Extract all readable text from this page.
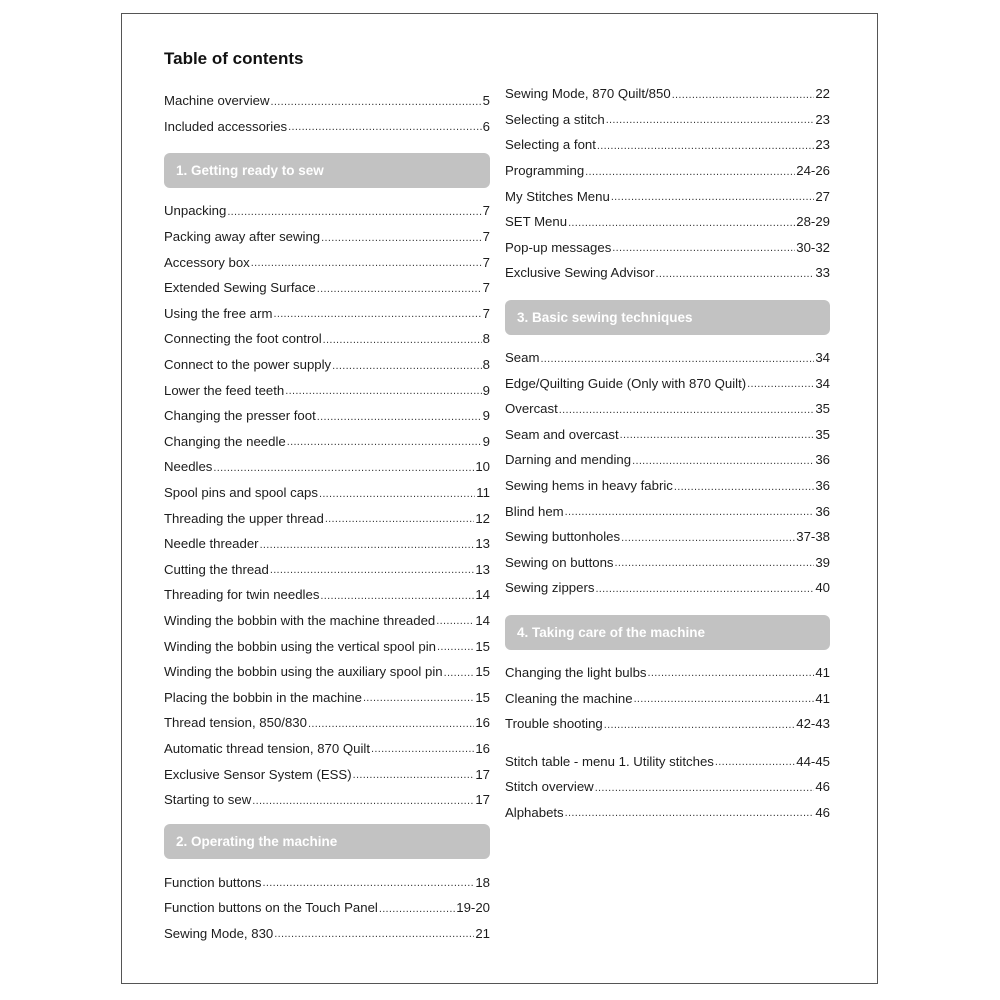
Table of contents
Machine overview .....	5
Included accessories .....	6
1. Getting ready to sew
Unpacking .....	7
Packing away after sewing .....	7
Accessory box .....	7
Extended Sewing Surface .....	7
Using the free arm .....	7
Connecting the foot control .....	8
Connect to the power supply .....	8
Lower the feed teeth .....	9
Changing the presser foot .....	9
Changing the needle .....	9
Needles .....	10
Spool pins and spool caps .....	11
Threading the upper thread .....	12
Needle threader .....	13
Cutting the thread .....	13
Threading for twin needles .....	14
Winding the bobbin with the machine threaded .....	14
Winding the bobbin using the vertical spool pin .....	15
Winding the bobbin using the auxiliary spool pin ..... 15
Placing the bobbin in the machine .....	15
Thread tension, 850/830 .....	16
Automatic thread tension, 870 Quilt .....	16
Exclusive Sensor System (ESS) .....	17
Starting to sew .....	17
2. Operating the machine
Function buttons .....	18
Function buttons on the Touch Panel .....	19-20
Sewing Mode, 830 .....	21
Sewing Mode, 870 Quilt/850 .....	22
Selecting a stitch .....	23
Selecting a font .....	23
Programming .....	24-26
My Stitches Menu .....	27
SET Menu .....	28-29
Pop-up messages .....	30-32
Exclusive Sewing Advisor .....	33
3. Basic sewing techniques
Seam .....	34
Edge/Quilting Guide (Only with 870 Quilt) .....	34
Overcast .....	35
Seam and overcast .....	35
Darning and mending .....	36
Sewing hems in heavy fabric .....	36
Blind hem .....	36
Sewing buttonholes .....	37-38
Sewing on buttons .....	39
Sewing zippers .....	40
4. Taking care of the machine
Changing the light bulbs .....	41
Cleaning the machine .....	41
Trouble shooting .....	42-43
Stitch table - menu 1. Utility stitches .....	44-45
Stitch overview .....	46
Alphabets .....	46
